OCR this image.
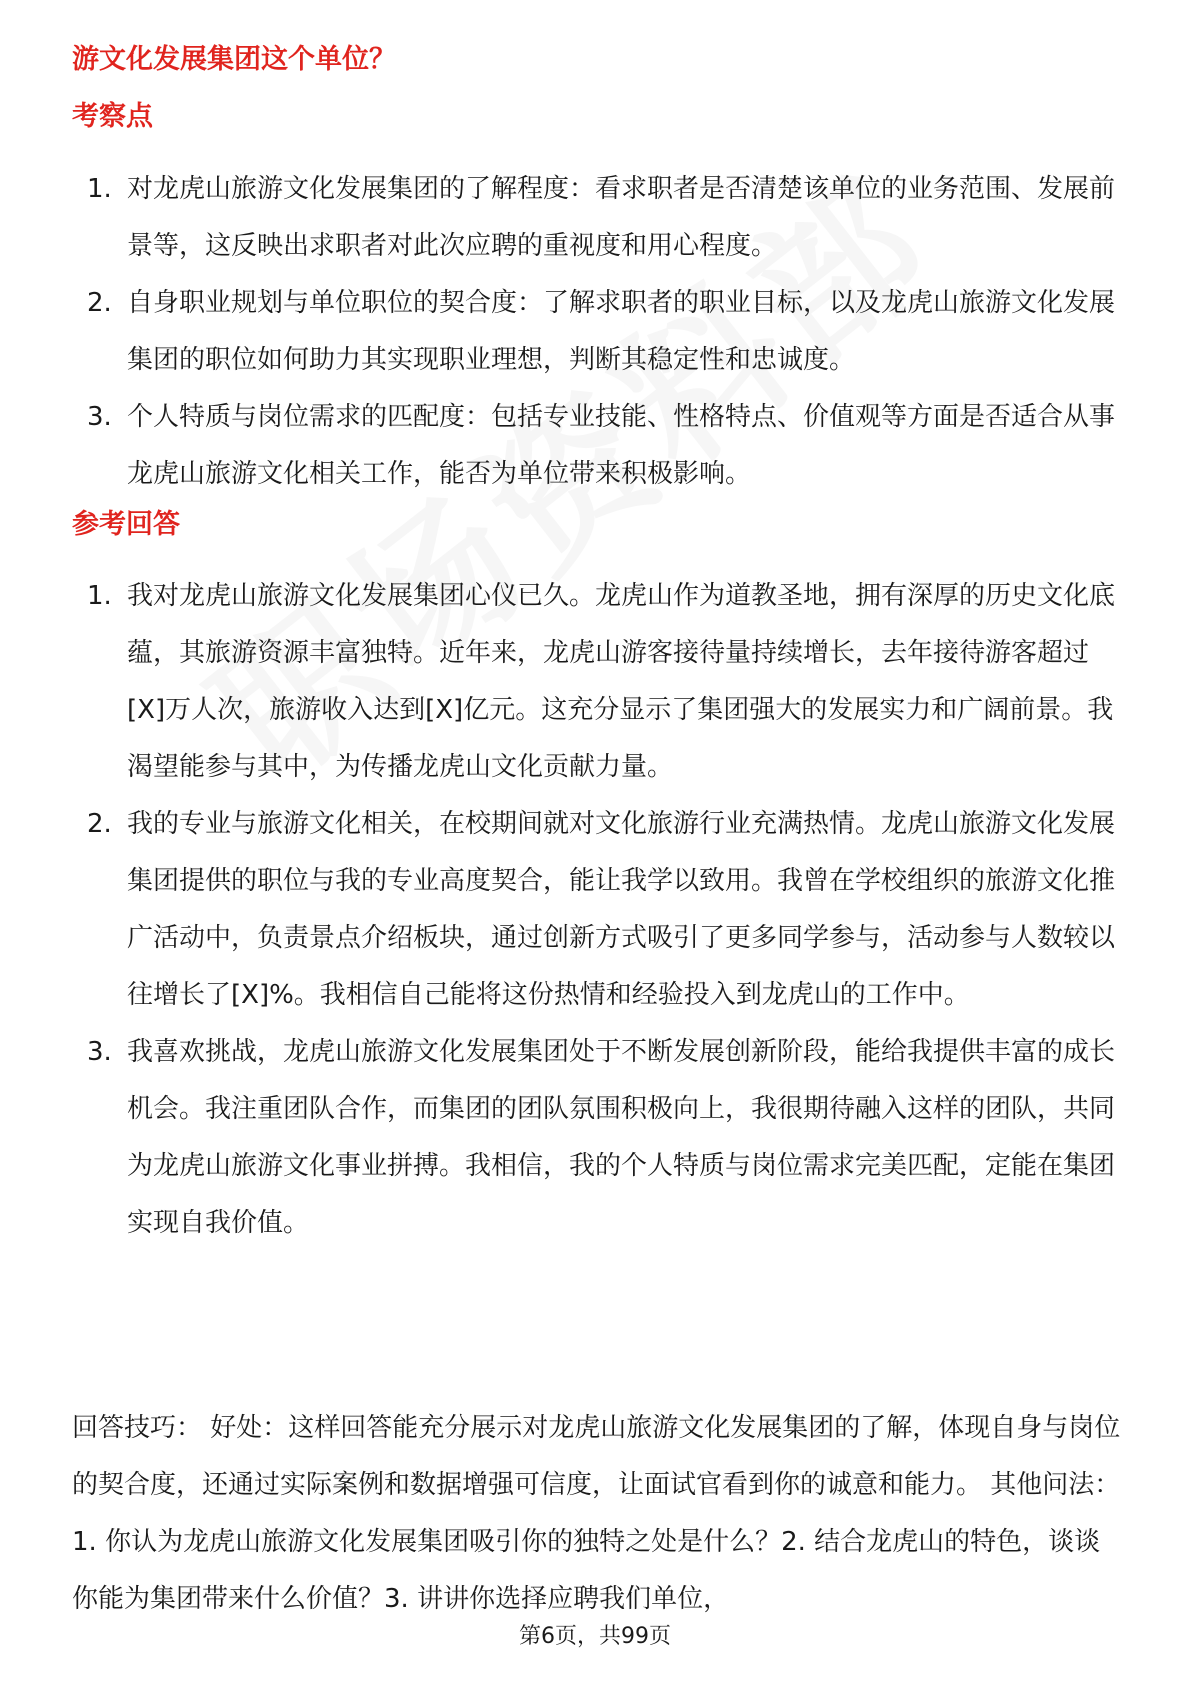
游文化发展集团这个单位？
考察点
1. 对龙虎山旅游文化发展集团的了解程度：看求职者是否清楚该单位的业务范围、发展前景等，这反映出求职者对此次应聘的重视度和用心程度。
2. 自身职业规划与单位职位的契合度：了解求职者的职业目标，以及龙虎山旅游文化发展集团的职位如何助力其实现职业理想，判断其稳定性和忠诚度。
3. 个人特质与岗位需求的匹配度：包括专业技能、性格特点、价值观等方面是否适合从事龙虎山旅游文化相关工作，能否为单位带来积极影响。
参考回答
1. 我对龙虎山旅游文化发展集团心仪已久。龙虎山作为道教圣地，拥有深厚的历史文化底蕴，其旅游资源丰富独特。近年来，龙虎山游客接待量持续增长，去年接待游客超过[X]万人次，旅游收入达到[X]亿元。这充分显示了集团强大的发展实力和广阔前景。我渴望能参与其中，为传播龙虎山文化贡献力量。
2. 我的专业与旅游文化相关，在校期间就对文化旅游行业充满热情。龙虎山旅游文化发展集团提供的职位与我的专业高度契合，能让我学以致用。我曾在学校组织的旅游文化推广活动中，负责景点介绍板块，通过创新方式吸引了更多同学参与，活动参与人数较以往增长了[X]%。我相信自己能将这份热情和经验投入到龙虎山的工作中。
3. 我喜欢挑战，龙虎山旅游文化发展集团处于不断发展创新阶段，能给我提供丰富的成长机会。我注重团队合作，而集团的团队氛围积极向上，我很期待融入这样的团队，共同为龙虎山旅游文化事业拼搏。我相信，我的个人特质与岗位需求完美匹配，定能在集团实现自我价值。
回答技巧： 好处：这样回答能充分展示对龙虎山旅游文化发展集团的了解，体现自身与岗位的契合度，还通过实际案例和数据增强可信度，让面试官看到你的诚意和能力。 其他问法：1. 你认为龙虎山旅游文化发展集团吸引你的独特之处是什么？2. 结合龙虎山的特色，谈谈你能为集团带来什么价值？3. 讲讲你选择应聘我们单位，
第6页，共99页
